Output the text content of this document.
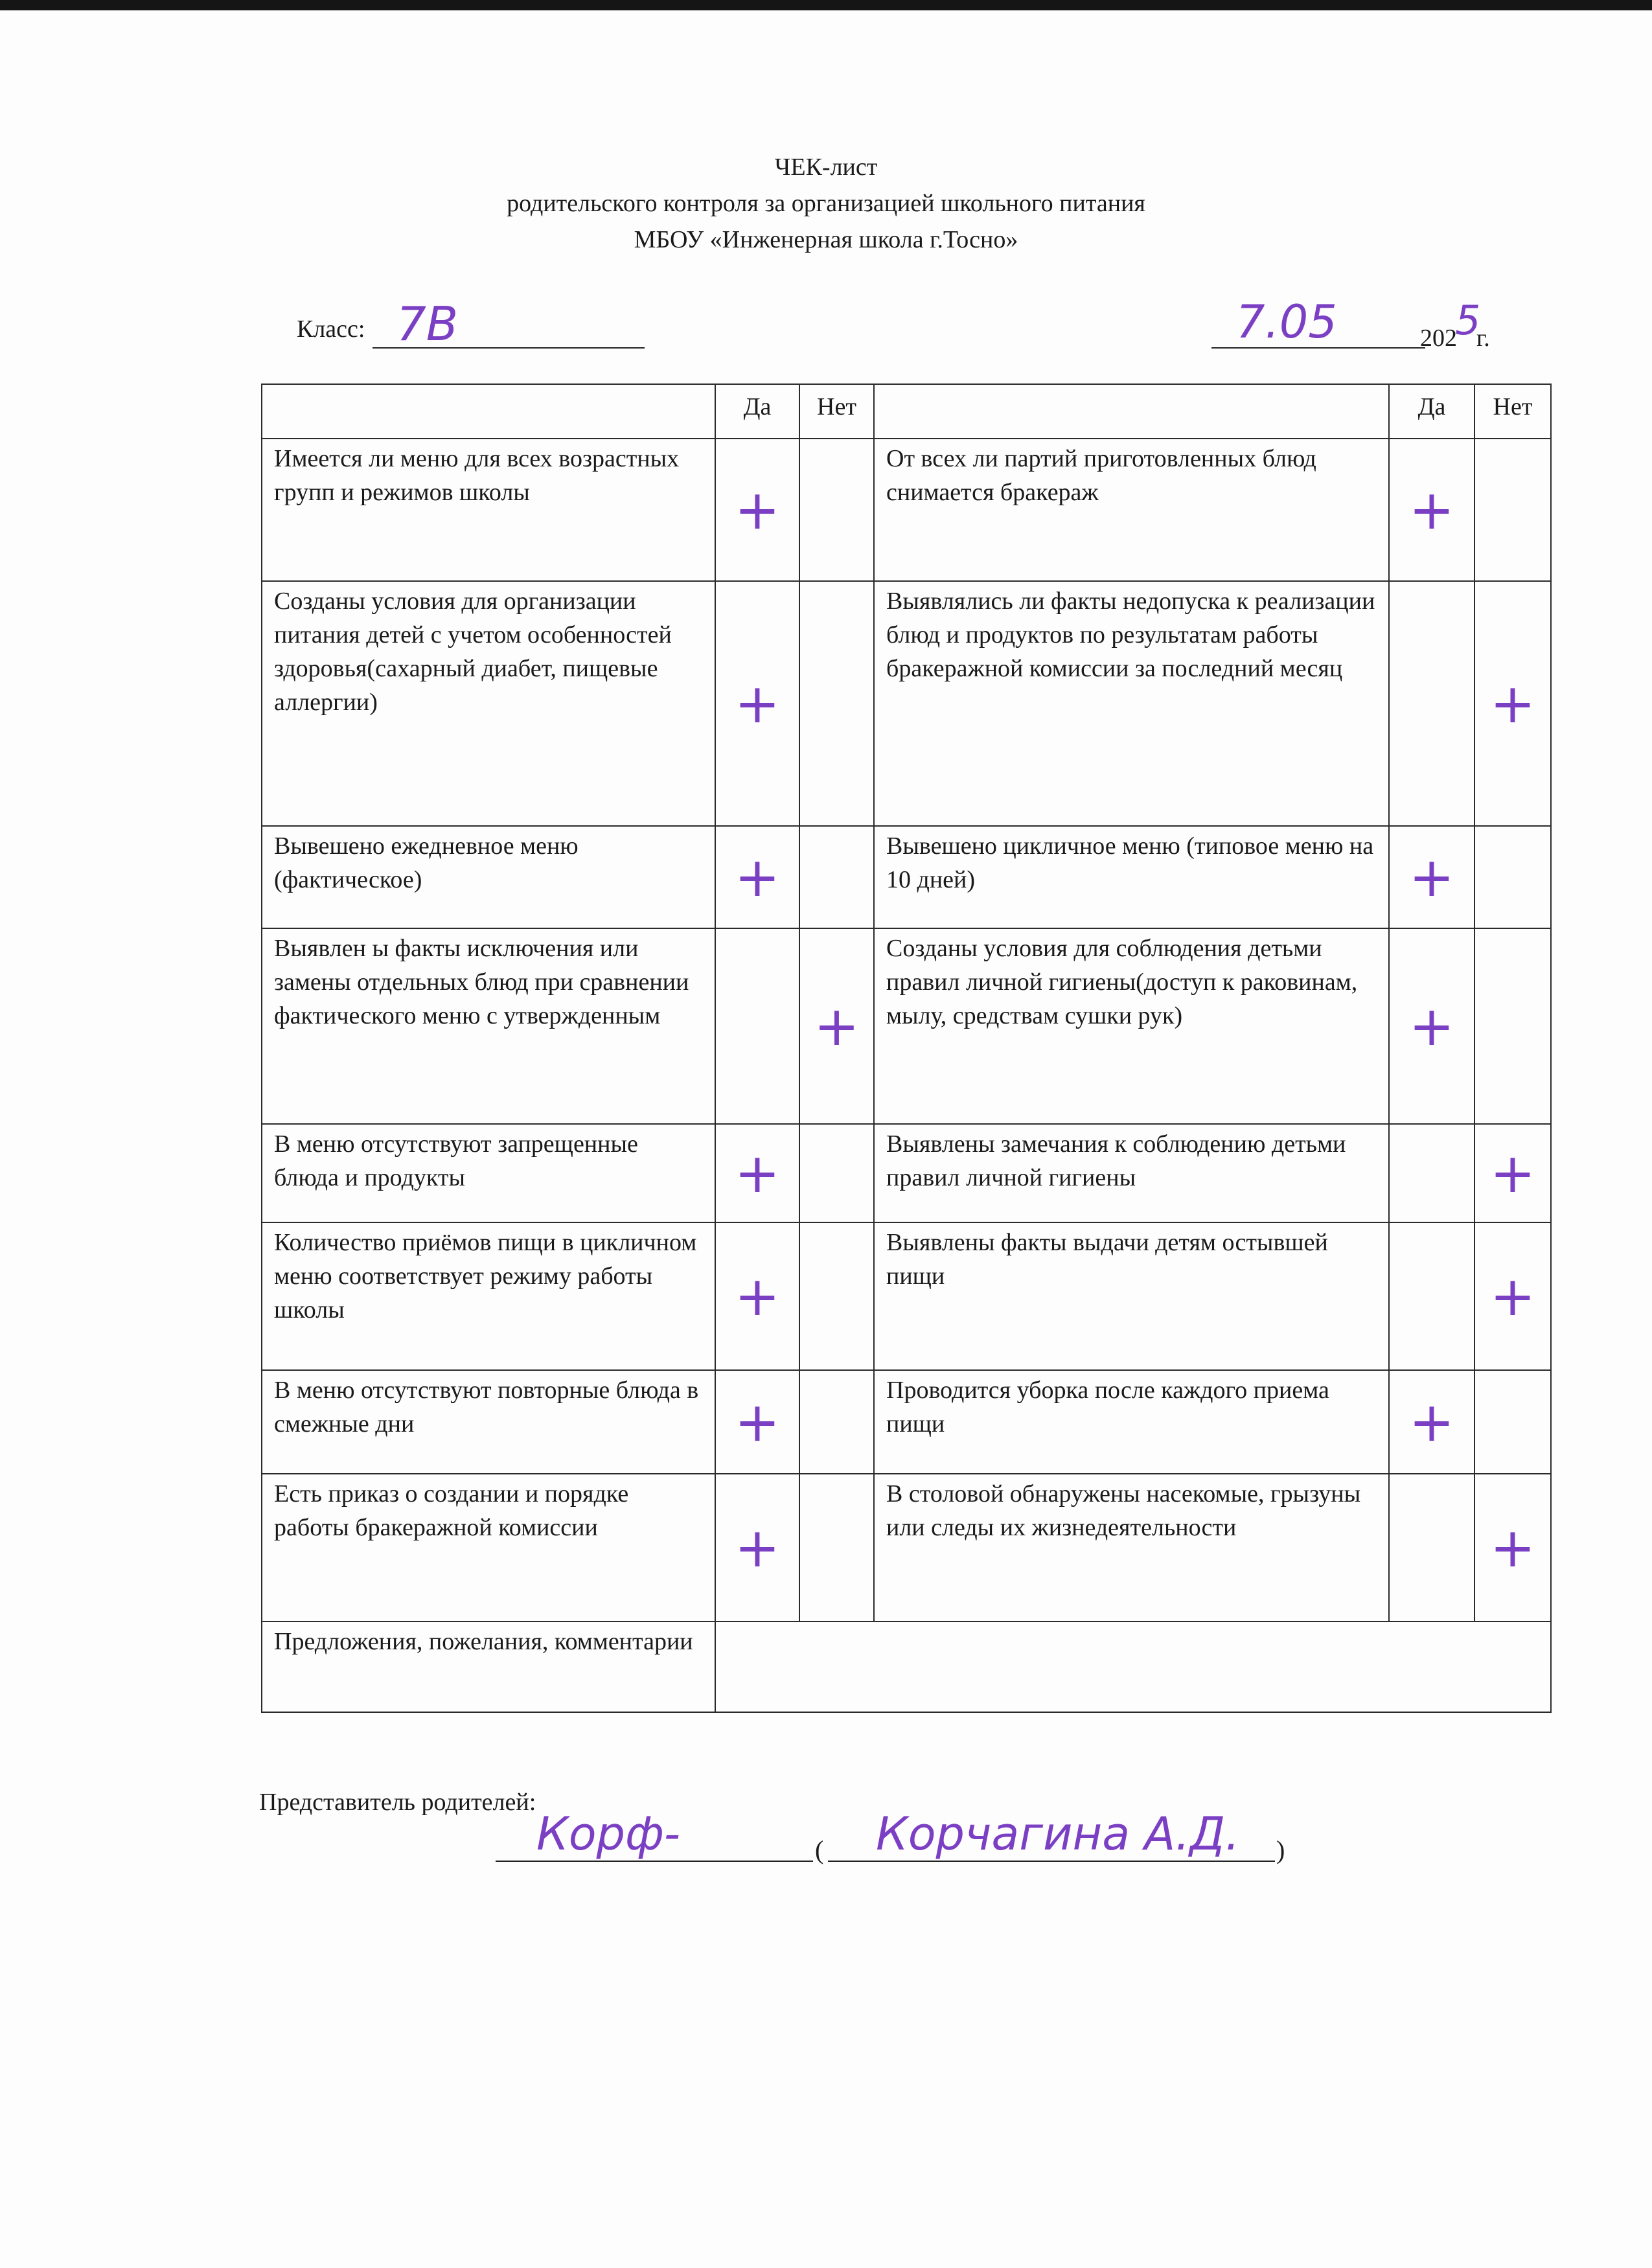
ЧЕК-лист
родительского контроля за организацией школьного питания
МБОУ «Инженерная школа г.Тосно»
Класс: 7В	7.05	202 г.
5
	Да	Нет		Да	Нет
Имеется ли меню для всех возрастных групп и режимов школы	+		От всех ли партий приготовленных блюд снимается бракераж	+	
Созданы условия для организации питания детей с учетом особенностей здоровья(сахарный диабет, пищевые аллергии)	+		Выявлялись ли факты недопуска к реализации блюд и продуктов по результатам работы бракеражной комиссии за последний месяц		+
Вывешено ежедневное меню (фактическое)	+		Вывешено цикличное меню (типовое меню на 10 дней)	+	
Выявлен ы факты исключения или замены отдельных блюд при сравнении фактического меню с утвержденным		+	Созданы условия для соблюдения детьми правил личной гигиены(доступ к раковинам, мылу, средствам сушки рук)	+	
В меню отсутствуют запрещенные блюда и продукты	+		Выявлены замечания к соблюдению детьми правил личной гигиены		+
Количество приёмов пищи в цикличном меню соответствует режиму работы школы	+		Выявлены факты выдачи детям остывшей пищи		+
В меню отсутствуют повторные блюда в смежные дни	+		Проводится уборка после каждого приема пищи	+	
Есть приказ о создании и порядке работы бракеражной комиссии	+		В столовой обнаружены насекомые, грызуны или следы их жизнедеятельности		+
Предложения, пожелания, комментарии					
Представитель родителей:
Корф-	( Корчагина А.Д. )
